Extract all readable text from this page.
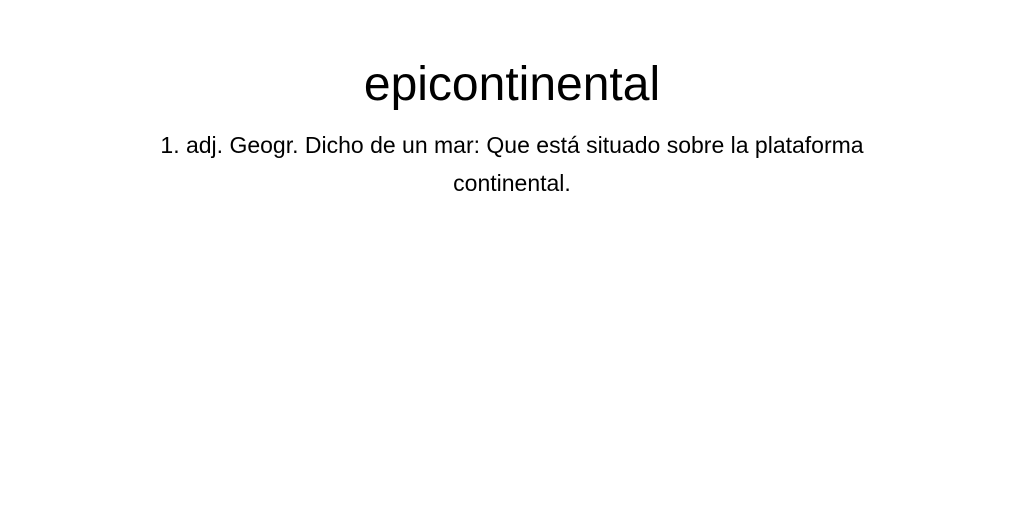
epicontinental

1. adj. Geogr. Dicho de un mar: Que está situado sobre la plataforma continental.
